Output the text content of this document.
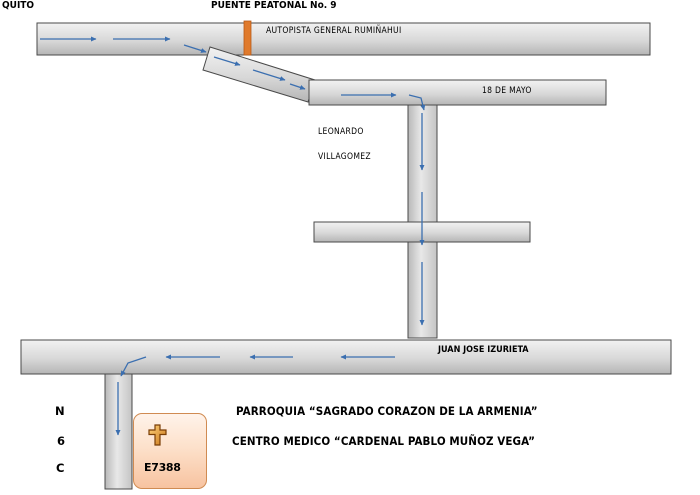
QUITO	PUENTE PEATONAL No. 9
AUTOPISTA GENERAL RUMIÑAHUI
18 DE MAYO
LEONARDO
VILLAGOMEZ
JUAN JOSE IZURIETA
N	PARROQUIA “SAGRADO CORAZON DE LA ARMENIA”
6	CENTRO MEDICO “CARDENAL PABLO MUÑOZ VEGA”
C	E7388
